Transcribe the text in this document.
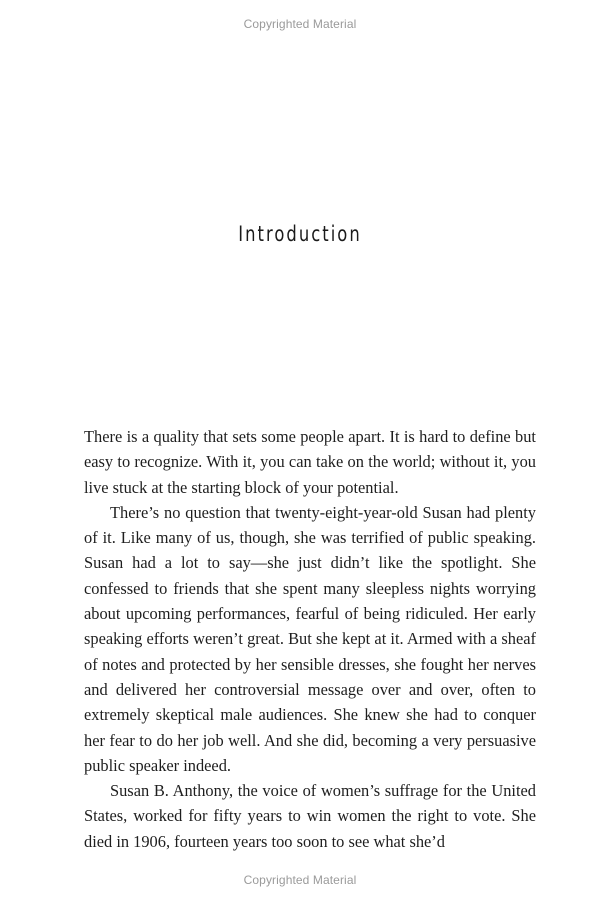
Copyrighted Material
Introduction

There is a quality that sets some people apart. It is hard to define but easy to recognize. With it, you can take on the world; without it, you live stuck at the starting block of your potential.

There’s no question that twenty-eight-year-old Susan had plenty of it. Like many of us, though, she was terrified of public speaking. Susan had a lot to say—she just didn’t like the spotlight. She confessed to friends that she spent many sleepless nights worrying about upcoming performances, fearful of being ridiculed. Her early speaking efforts weren’t great. But she kept at it. Armed with a sheaf of notes and protected by her sensible dresses, she fought her nerves and delivered her controversial message over and over, often to extremely skeptical male audiences. She knew she had to conquer her fear to do her job well. And she did, becoming a very persuasive public speaker indeed.

Susan B. Anthony, the voice of women’s suffrage for the United States, worked for fifty years to win women the right to vote. She died in 1906, fourteen years too soon to see what she’d

Copyrighted Material
